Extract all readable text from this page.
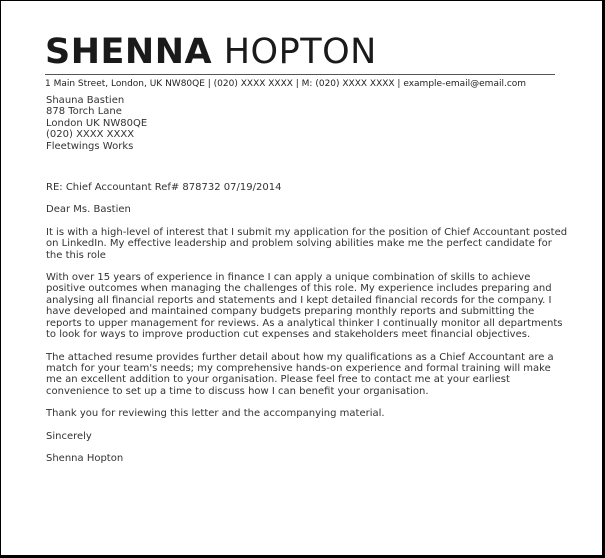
SHENNA HOPTON
1 Main Street, London, UK NW80QE | (020) XXXX XXXX | M: (020) XXXX XXXX | example-email@email.com
Shauna Bastien
878 Torch Lane
London UK NW80QE
(020) XXXX XXXX
Fleetwings Works
RE: Chief Accountant Ref# 878732 07/19/2014
Dear Ms. Bastien
It is with a high-level of interest that I submit my application for the position of Chief Accountant posted on LinkedIn. My effective leadership and problem solving abilities make me the perfect candidate for the this role
With over 15 years of experience in finance I can apply a unique combination of skills to achieve positive outcomes when managing the challenges of this role. My experience includes preparing and analysing all financial reports and statements and I kept detailed financial records for the company. I have developed and maintained company budgets preparing monthly reports and submitting the reports to upper management for reviews. As a analytical thinker I continually monitor all departments to look for ways to improve production cut expenses and stakeholders meet financial objectives.
The attached resume provides further detail about how my qualifications as a Chief Accountant are a match for your team's needs; my comprehensive hands-on experience and formal training will make me an excellent addition to your organisation. Please feel free to contact me at your earliest convenience to set up a time to discuss how I can benefit your organisation.
Thank you for reviewing this letter and the accompanying material.
Sincerely
Shenna Hopton
